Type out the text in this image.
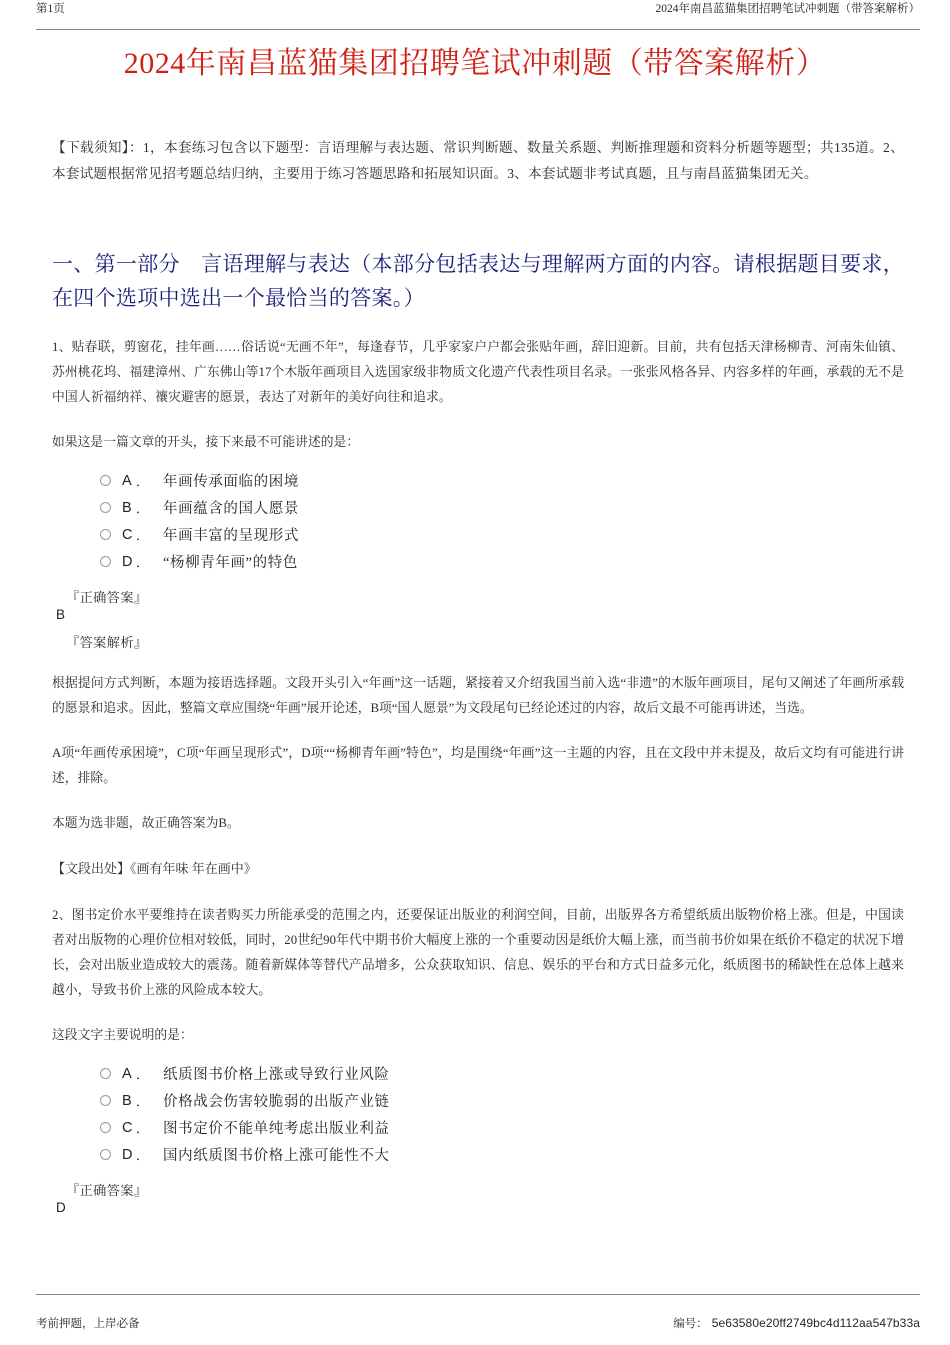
第1页	2024年南昌蓝猫集团招聘笔试冲刺题（带答案解析）
2024年南昌蓝猫集团招聘笔试冲刺题（带答案解析）
【下载须知】：1，本套练习包含以下题型：言语理解与表达题、常识判断题、数量关系题、判断推理题和资料分析题等题型；共135道。2、本套试题根据常见招考题总结归纳，主要用于练习答题思路和拓展知识面。3、本套试题非考试真题，且与南昌蓝猫集团无关。
一、第一部分　言语理解与表达（本部分包括表达与理解两方面的内容。请根据题目要求，在四个选项中选出一个最恰当的答案。）
1、贴春联，剪窗花，挂年画……俗话说“无画不年”，每逢春节，几乎家家户户都会张贴年画，辞旧迎新。目前，共有包括天津杨柳青、河南朱仙镇、苏州桃花坞、福建漳州、广东佛山等17个木版年画项目入选国家级非物质文化遗产代表性项目名录。一张张风格各异、内容多样的年画，承载的无不是中国人祈福纳祥、禳灾避害的愿景，表达了对新年的美好向往和追求。
如果这是一篇文章的开头，接下来最不可能讲述的是：
A ． 年画传承面临的困境
B ． 年画蕴含的国人愿景
C ． 年画丰富的呈现形式
D ． “杨柳青年画”的特色
『正确答案』
B
『答案解析』
根据提问方式判断，本题为接语选择题。文段开头引入“年画”这一话题，紧接着又介绍我国当前入选“非遗”的木版年画项目，尾句又阐述了年画所承载的愿景和追求。因此，整篇文章应围绕“年画”展开论述，B项“国人愿景”为文段尾句已经论述过的内容，故后文最不可能再讲述，当选。
A项“年画传承困境”，C项“年画呈现形式”，D项““杨柳青年画”特色”，均是围绕“年画”这一主题的内容，且在文段中并未提及，故后文均有可能进行讲述，排除。
本题为选非题，故正确答案为B。
【文段出处】《画有年味 年在画中》
2、图书定价水平要维持在读者购买力所能承受的范围之内，还要保证出版业的利润空间，目前，出版界各方希望纸质出版物价格上涨。但是，中国读者对出版物的心理价位相对较低，同时，20世纪90年代中期书价大幅度上涨的一个重要动因是纸价大幅上涨，而当前书价如果在纸价不稳定的状况下增长，会对出版业造成较大的震荡。随着新媒体等替代产品增多，公众获取知识、信息、娱乐的平台和方式日益多元化，纸质图书的稀缺性在总体上越来越小，导致书价上涨的风险成本较大。
这段文字主要说明的是：
A ． 纸质图书价格上涨或导致行业风险
B ． 价格战会伤害较脆弱的出版产业链
C ． 图书定价不能单纯考虑出版业利益
D ． 国内纸质图书价格上涨可能性不大
『正确答案』
D
考前押题，上岸必备	编号： 5e63580e20ff2749bc4d112aa547b33a
